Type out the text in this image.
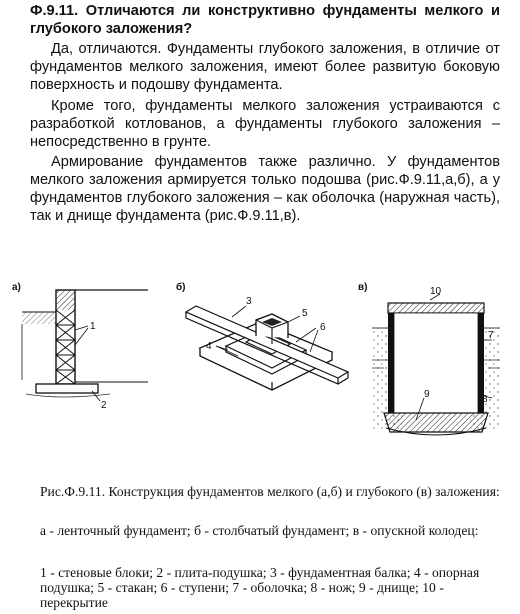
Ф.9.11. Отличаются ли конструктивно фундаменты мелкого и глубокого заложения?

Да, отличаются. Фундаменты глубокого заложения, в отличие от фундаментов мелкого заложения, имеют более развитую боковую поверхность и подошву фундамента.

Кроме того, фундаменты мелкого заложения устраиваются с разработкой котлованов, а фундаменты глубокого заложения – непосредственно в грунте.

Армирование фундаментов также различно. У фундаментов мелкого заложения армируется только подошва (рис.Ф.9.11,а,б), а у фундаментов глубокого заложения – как оболочка (наружная часть), так и днище фундамента (рис.Ф.9.11,в).

а)
1
2
б)
3
5
6
4
в)	10
7
8
9
Рис.Ф.9.11. Конструкция фундаментов мелкого (а,б) и глубокого (в) заложения:
а - ленточный фундамент; б - столбчатый фундамент; в - опускной колодец:
1 - стеновые блоки; 2 - плита-подушка; 3 - фундаментная балка; 4 - опорная подушка; 5 - стакан; 6 - ступени; 7 - оболочка; 8 - нож; 9 - днище; 10 - перекрытие
